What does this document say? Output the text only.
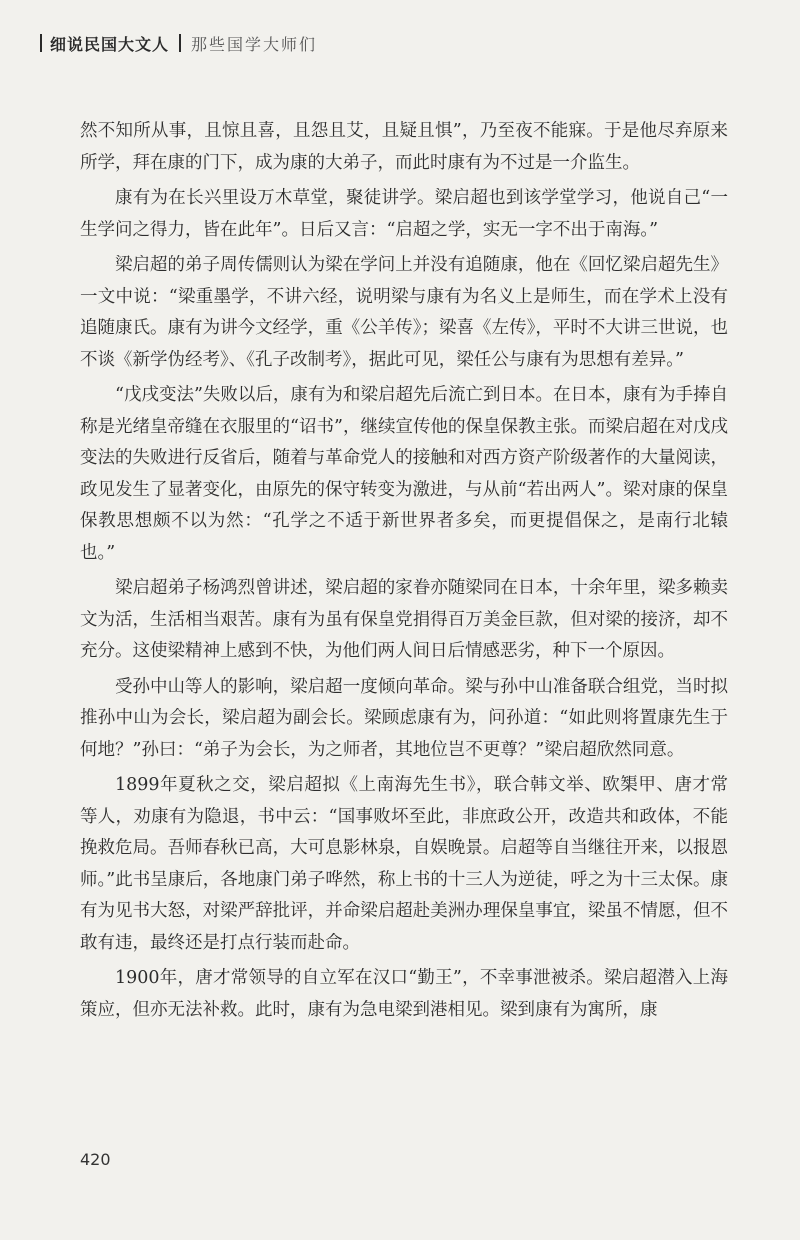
细说民国大文人 那些国学大师们

然不知所从事，且惊且喜，且怨且艾，且疑且惧”，乃至夜不能寐。于是他尽弃原来所学，拜在康的门下，成为康的大弟子，而此时康有为不过是一介监生。

康有为在长兴里设万木草堂，聚徒讲学。梁启超也到该学堂学习，他说自己“一生学问之得力，皆在此年”。日后又言：“启超之学，实无一字不出于南海。”

梁启超的弟子周传儒则认为梁在学问上并没有追随康，他在《回忆梁启超先生》一文中说：“梁重墨学，不讲六经，说明梁与康有为名义上是师生，而在学术上没有追随康氏。康有为讲今文经学，重《公羊传》；梁喜《左传》，平时不大讲三世说，也不谈《新学伪经考》、《孔子改制考》，据此可见，梁任公与康有为思想有差异。”

“戊戌变法”失败以后，康有为和梁启超先后流亡到日本。在日本，康有为手捧自称是光绪皇帝缝在衣服里的“诏书”，继续宣传他的保皇保教主张。而梁启超在对戊戌变法的失败进行反省后，随着与革命党人的接触和对西方资产阶级著作的大量阅读，政见发生了显著变化，由原先的保守转变为激进，与从前“若出两人”。梁对康的保皇保教思想颇不以为然：“孔学之不适于新世界者多矣，而更提倡保之，是南行北辕也。”

梁启超弟子杨鸿烈曾讲述，梁启超的家眷亦随梁同在日本，十余年里，梁多赖卖文为活，生活相当艰苦。康有为虽有保皇党捐得百万美金巨款，但对梁的接济，却不充分。这使梁精神上感到不快，为他们两人间日后情感恶劣，种下一个原因。

受孙中山等人的影响，梁启超一度倾向革命。梁与孙中山准备联合组党，当时拟推孙中山为会长，梁启超为副会长。梁顾虑康有为，问孙道：“如此则将置康先生于何地？”孙曰：“弟子为会长，为之师者，其地位岂不更尊？”梁启超欣然同意。

1899年夏秋之交，梁启超拟《上南海先生书》，联合韩文举、欧榘甲、唐才常等人，劝康有为隐退，书中云：“国事败坏至此，非庶政公开，改造共和政体，不能挽救危局。吾师春秋已高，大可息影林泉，自娱晚景。启超等自当继往开来，以报恩师。”此书呈康后，各地康门弟子哗然，称上书的十三人为逆徒，呼之为十三太保。康有为见书大怒，对梁严辞批评，并命梁启超赴美洲办理保皇事宜，梁虽不情愿，但不敢有违，最终还是打点行装而赴命。

1900年，唐才常领导的自立军在汉口“勤王”，不幸事泄被杀。梁启超潜入上海策应，但亦无法补救。此时，康有为急电梁到港相见。梁到康有为寓所，康

420
